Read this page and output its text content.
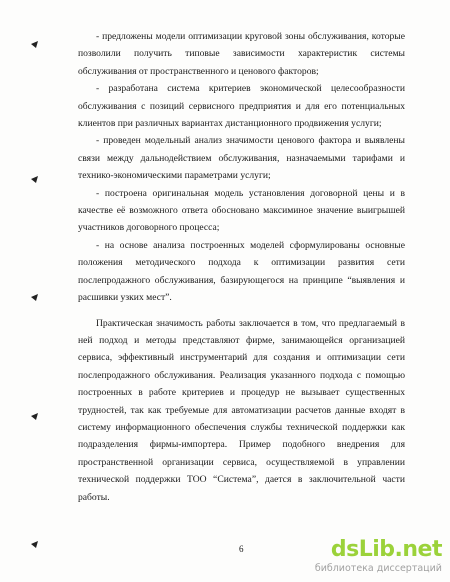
- предложены модели оптимизации круговой зоны обслуживания, которые позволили получить типовые зависимости характеристик системы обслуживания от пространственного и ценового факторов;

- разработана система критериев экономической целесообразности обслуживания с позиций сервисного предприятия и для его потенциальных клиентов при различных вариантах дистанционного продвижения услуги;

- проведен модельный анализ значимости ценового фактора и выявлены связи между дальнодействием обслуживания, назначаемыми тарифами и технико-экономическими параметрами услуги;

- построена оригинальная модель установления договорной цены и в качестве её возможного ответа обосновано максиминое значение выигрышей участников договорного процесса;

- на основе анализа построенных моделей сформулированы основные положения методического подхода к оптимизации развития сети послепродажного обслуживания, базирующегося на принципе “выявления и расшивки узких мест”.

Практическая значимость работы заключается в том, что предлагаемый в ней подход и методы представляют фирме, занимающейся организацией сервиса, эффективный инструментарий для создания и оптимизации сети послепродажного обслуживания. Реализация указанного подхода с помощью построенных в работе критериев и процедур не вызывает существенных трудностей, так как требуемые для автоматизации расчетов данные входят в систему информационного обеспечения службы технической поддержки как подразделения фирмы-импортера. Пример подобного внедрения для пространственной организации сервиса, осуществляемой в управлении технической поддержки ТОО “Система”, дается в заключительной части работы.

6	dsLib.net
библиотека диссертаций
